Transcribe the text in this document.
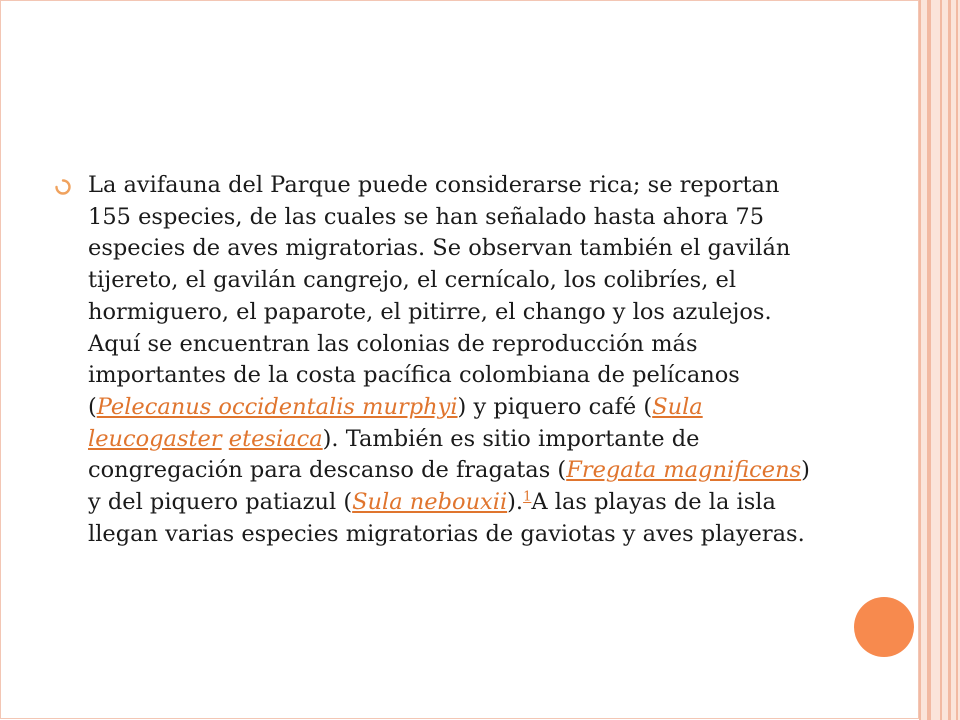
La avifauna del Parque puede considerarse rica; se reportan 155 especies, de las cuales se han señalado hasta ahora 75 especies de aves migratorias. Se observan también el gavilán tijereto, el gavilán cangrejo, el cernícalo, los colibríes, el hormiguero, el paparote, el pitirre, el chango y los azulejos. Aquí se encuentran las colonias de reproducción más importantes de la costa pacífica colombiana de pelícanos (Pelecanus occidentalis murphyi) y piquero café (Sula leucogaster etesiaca). También es sitio importante de congregación para descanso de fragatas (Fregata magnificens) y del piquero patiazul (Sula nebouxii).$^1$A las playas de la isla llegan varias especies migratorias de gaviotas y aves playeras.
